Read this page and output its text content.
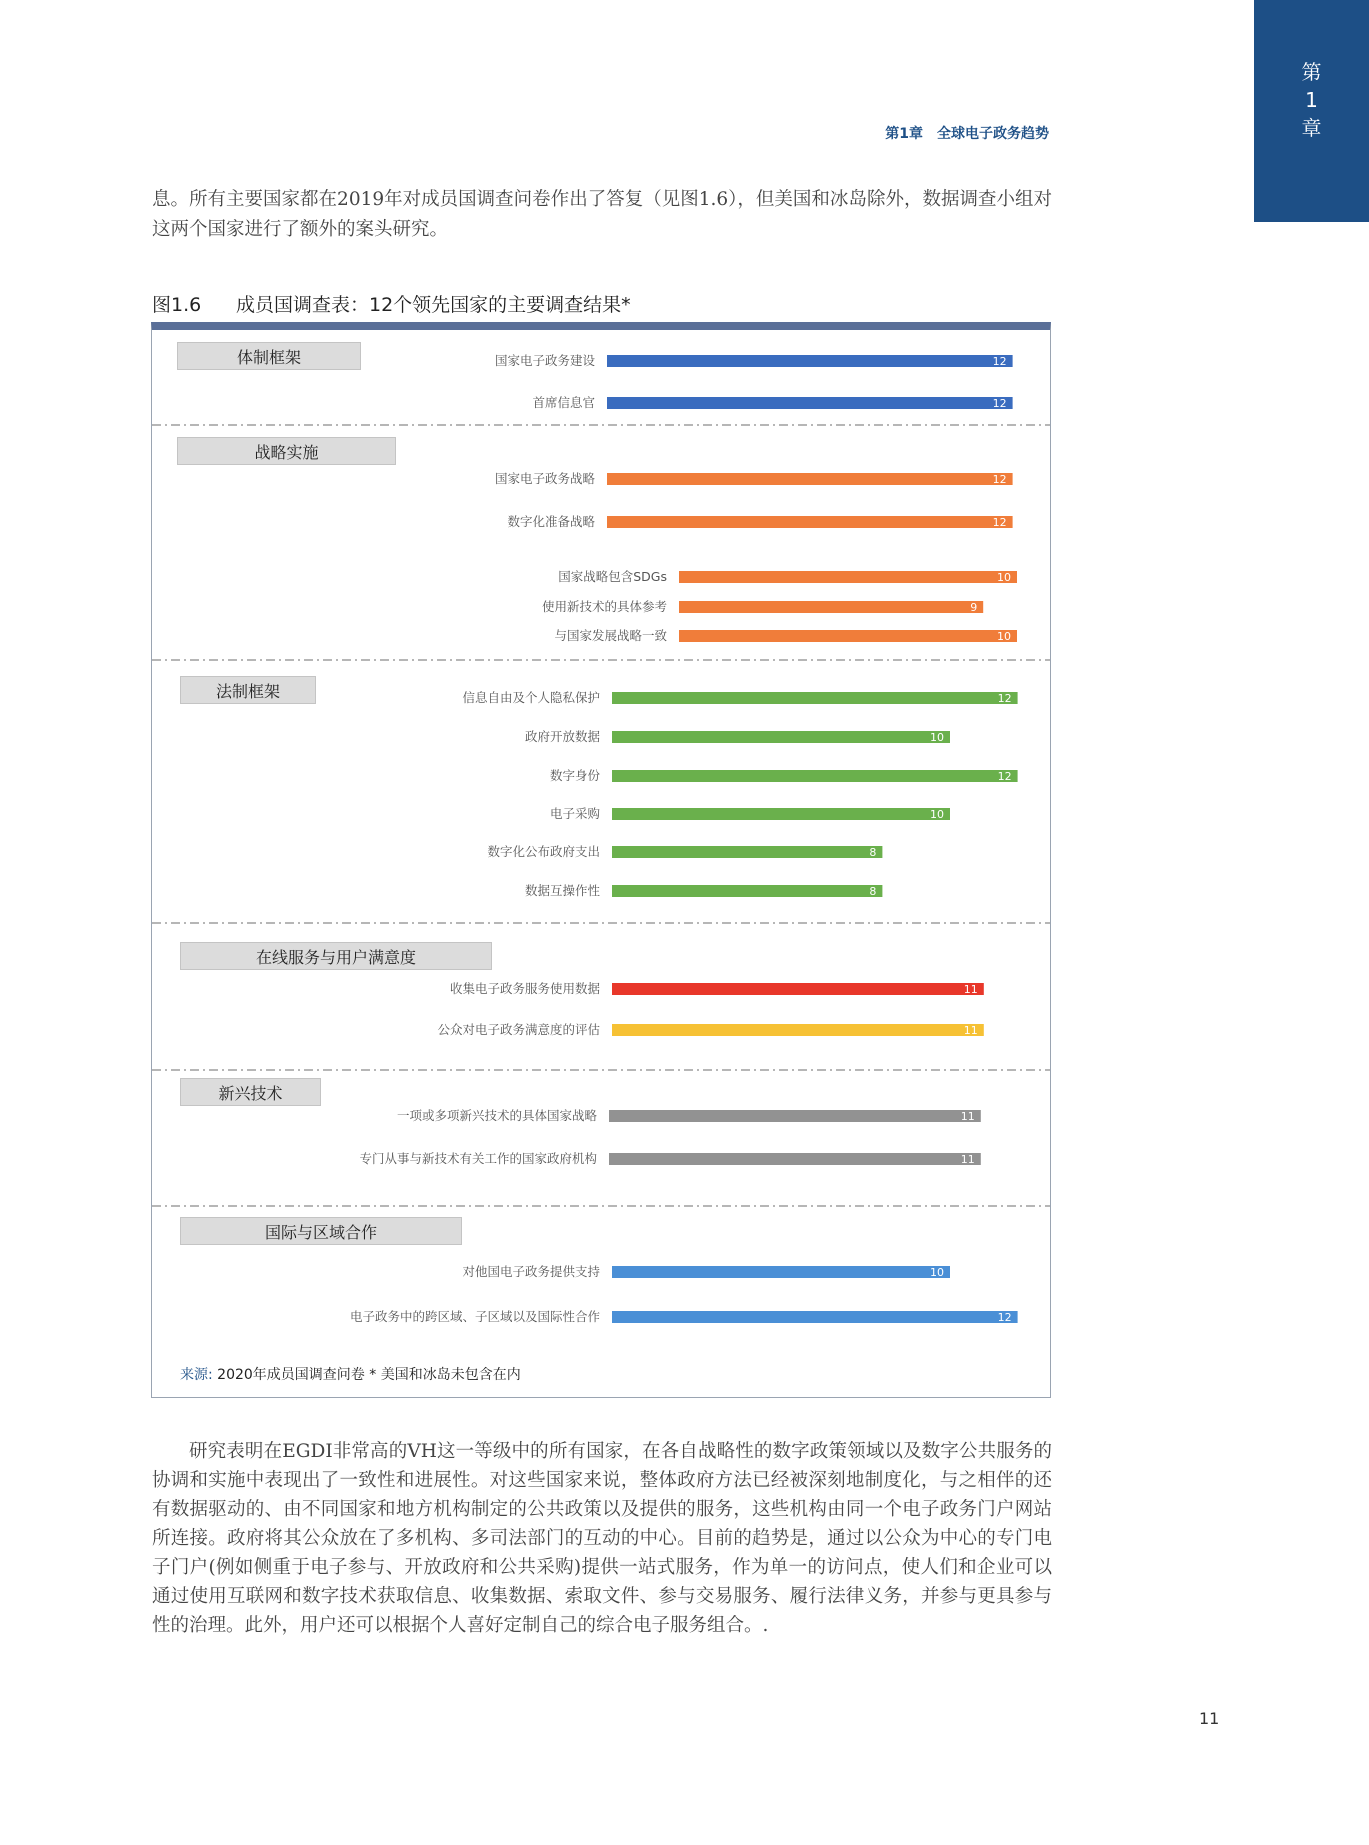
第
1
章
第1章 全球电子政务趋势
息。所有主要国家都在2019年对成员国调查问卷作出了答复（见图1.6），但美国和冰岛除外，数据调查小组对这两个国家进行了额外的案头研究。
图1.6 成员国调查表：12个领先国家的主要调查结果*
国家电子政务建设	12
首席信息官	12
国家电子政务战略	12
数字化准备战略	12
国家战略包含SDGs	10
使用新技术的具体参考	9
与国家发展战略一致	10
信息自由及个人隐私保护	12
政府开放数据	10
数字身份	12
电子采购	10
数字化公布政府支出	8
数据互操作性	8
收集电子政务服务使用数据	11
公众对电子政务满意度的评估	11
一项或多项新兴技术的具体国家战略	11
专门从事与新技术有关工作的国家政府机构	11
对他国电子政务提供支持	10
电子政务中的跨区域、子区域以及国际性合作	12
来源: 2020年成员国调查问卷 * 美国和冰岛未包含在内
体制框架
战略实施
法制框架
在线服务与用户满意度
新兴技术
国际与区域合作
研究表明在EGDI非常高的VH这一等级中的所有国家，在各自战略性的数字政策领域以及数字公共服务的协调和实施中表现出了一致性和进展性。对这些国家来说，整体政府方法已经被深刻地制度化，与之相伴的还有数据驱动的、由不同国家和地方机构制定的公共政策以及提供的服务，这些机构由同一个电子政务门户网站所连接。政府将其公众放在了多机构、多司法部门的互动的中心。目前的趋势是，通过以公众为中心的专门电子门户(例如侧重于电子参与、开放政府和公共采购)提供一站式服务，作为单一的访问点，使人们和企业可以通过使用互联网和数字技术获取信息、收集数据、索取文件、参与交易服务、履行法律义务，并参与更具参与性的治理。此外，用户还可以根据个人喜好定制自己的综合电子服务组合。.
11
